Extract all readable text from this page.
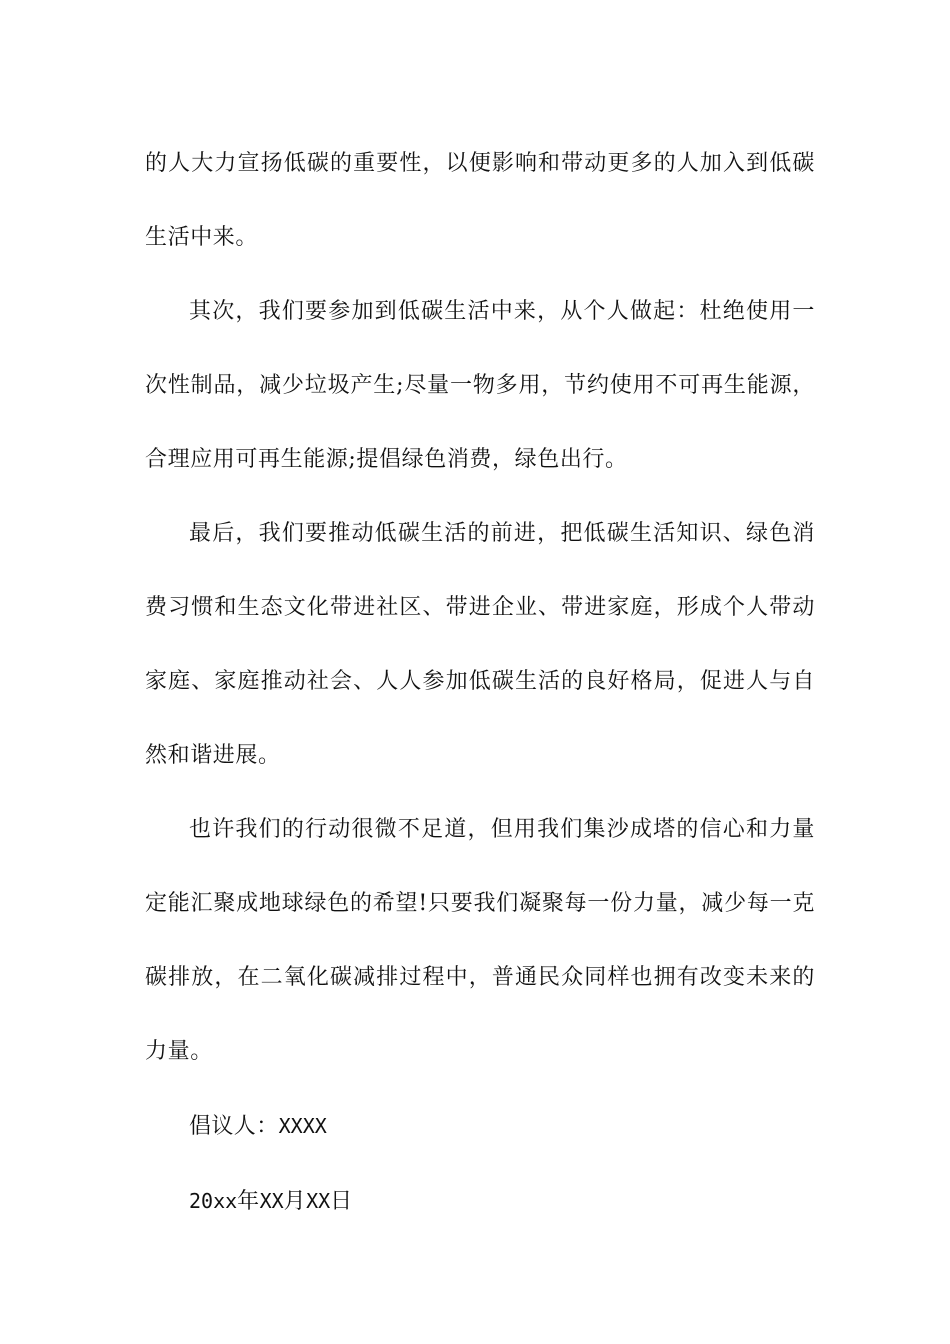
的人大力宣扬低碳的重要性，以便影响和带动更多的人加入到低碳生活中来。

其次，我们要参加到低碳生活中来，从个人做起：杜绝使用一次性制品，减少垃圾产生;尽量一物多用，节约使用不可再生能源，合理应用可再生能源;提倡绿色消费，绿色出行。

最后，我们要推动低碳生活的前进，把低碳生活知识、绿色消费习惯和生态文化带进社区、带进企业、带进家庭，形成个人带动家庭、家庭推动社会、人人参加低碳生活的良好格局，促进人与自然和谐进展。

也许我们的行动很微不足道，但用我们集沙成塔的信心和力量定能汇聚成地球绿色的希望!只要我们凝聚每一份力量，减少每一克碳排放，在二氧化碳减排过程中，普通民众同样也拥有改变未来的力量。

倡议人：XXXX

20xx年XX月XX日
